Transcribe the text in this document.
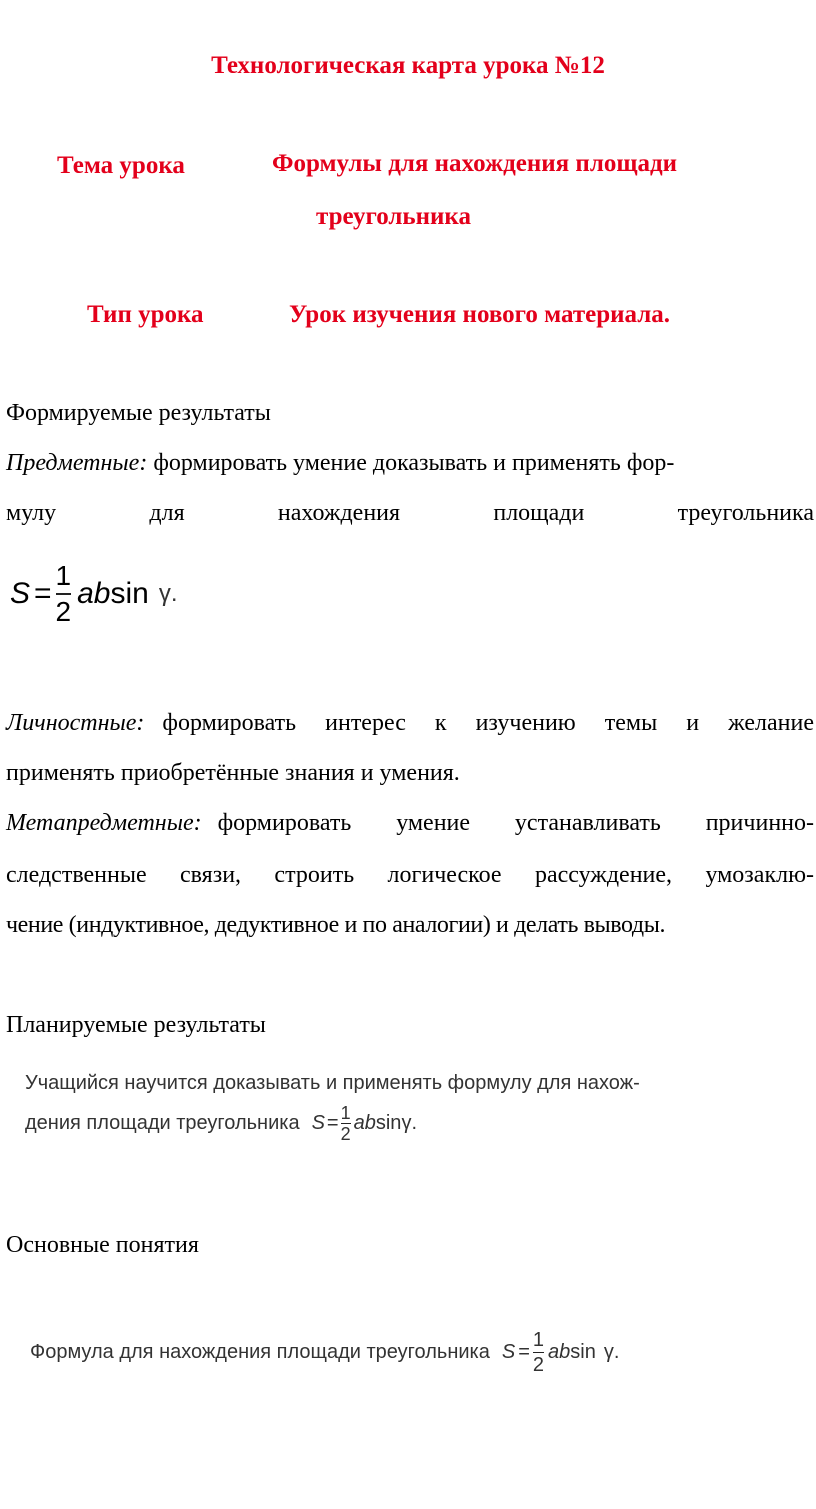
Технологическая карта урока №12
Тема урока	Формулы для нахождения площади
треугольника
Тип урока	Урок изучения нового материала.
Формируемые результаты
Предметные: формировать умение доказывать и применять фор-
мулу	для	нахождения	площади	треугольника
$S = \frac{1}{2}$ ab sin γ.
Личностные: формировать интерес к изучению темы и желание
применять приобретённые знания и умения.
Метапредметные: формировать умение устанавливать причинно-
следственные связи, строить логическое рассуждение, умозаклю-
чение (индуктивное, дедуктивное и по аналогии) и делать выводы.
Планируемые результаты
Учащийся научится доказывать и применять формулу для нахож-
дения площади треугольника $S = \frac{1}{2}$ ab sin γ.
Основные понятия
Формула для нахождения площади треугольника $S = \frac{1}{2}$ ab sin γ.
